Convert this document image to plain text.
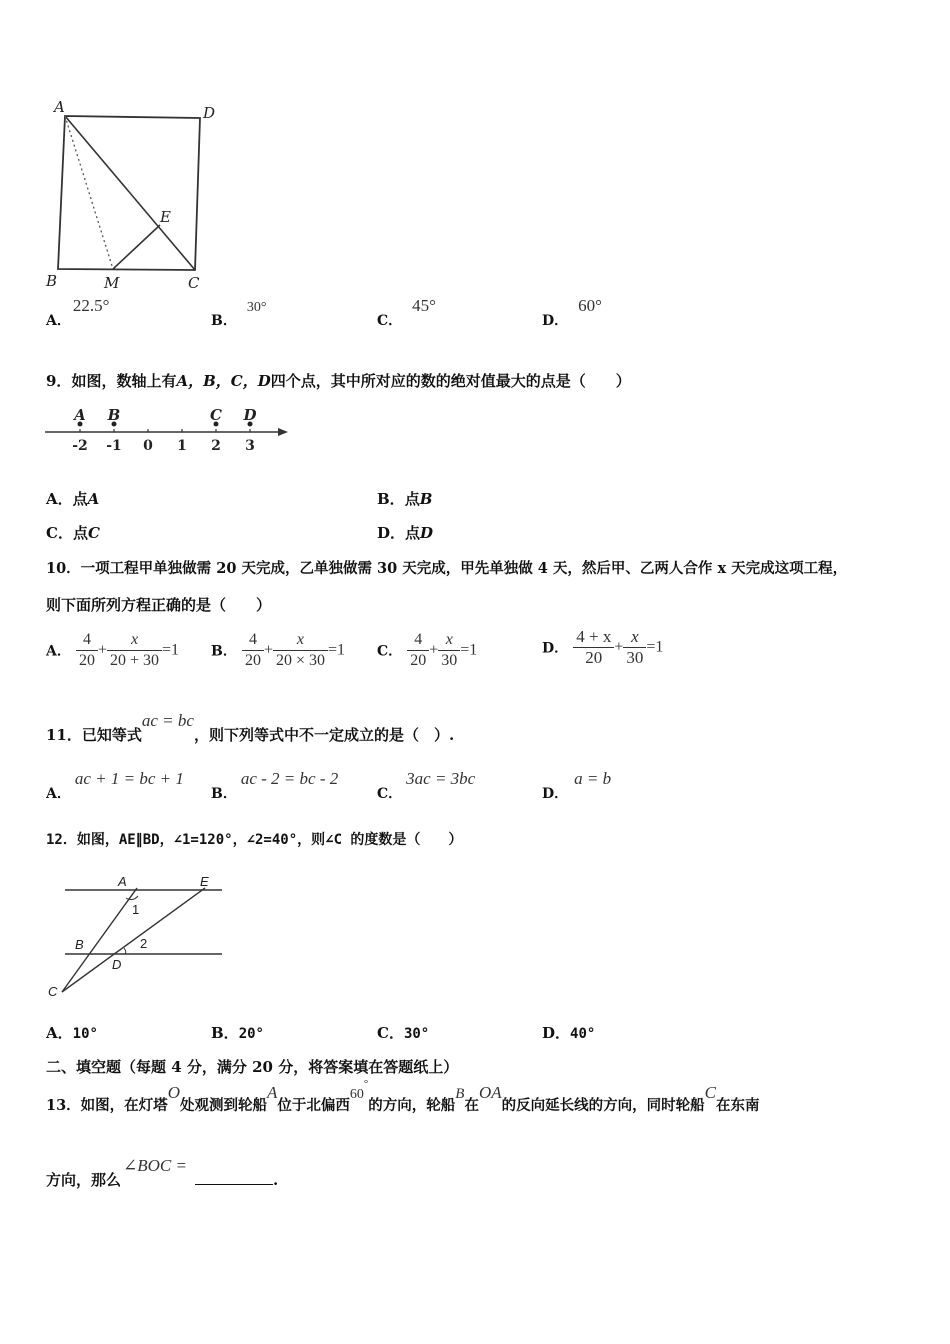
A	D
B	C
E
M
A．22.5°
B．30°
C．45°
D．60°
9．如图，数轴上有A，B，C，D四个点，其中所对应的数的绝对值最大的点是（　　）
-2 -1 0 1 2 3
A B	C D
A．点A	B．点B
C．点C	D．点D
10．一项工程甲单独做需 20 天完成，乙单独做需 30 天完成，甲先单独做 4 天，然后甲、乙两人合作 x 天完成这项工程，
则下面所列方程正确的是（　　）
A． $\frac{4}{20} + \frac{x}{20 + 30} =1$ B． $\frac{4}{20} + \frac{x}{20 \times 30} =1$ C． $\frac{4}{20} + \frac{x}{30} =1$	D． $\frac{4 + x}{20} + \frac{x}{30} =1$
11．已知等式ac = bc，则下列等式中不一定成立的是（　）.
A．ac + 1 = bc + 1
B．ac - 2 = bc - 2
C．3ac = 3bc
D．a = b
12．如图，AE∥BD，∠1=120°，∠2=40°，则∠C 的度数是（　　）
A	E
1
B	2
D
C
A．10°	B．20°	C．30°	D．40°
二、填空题（每题 4 分，满分 20 分，将答案填在答题纸上）
13．如图，在灯塔O处观测到轮船A位于北偏西60°的方向，轮船B在OA的反向延长线的方向，同时轮船C在东南
方向，那么∠BOC =.
